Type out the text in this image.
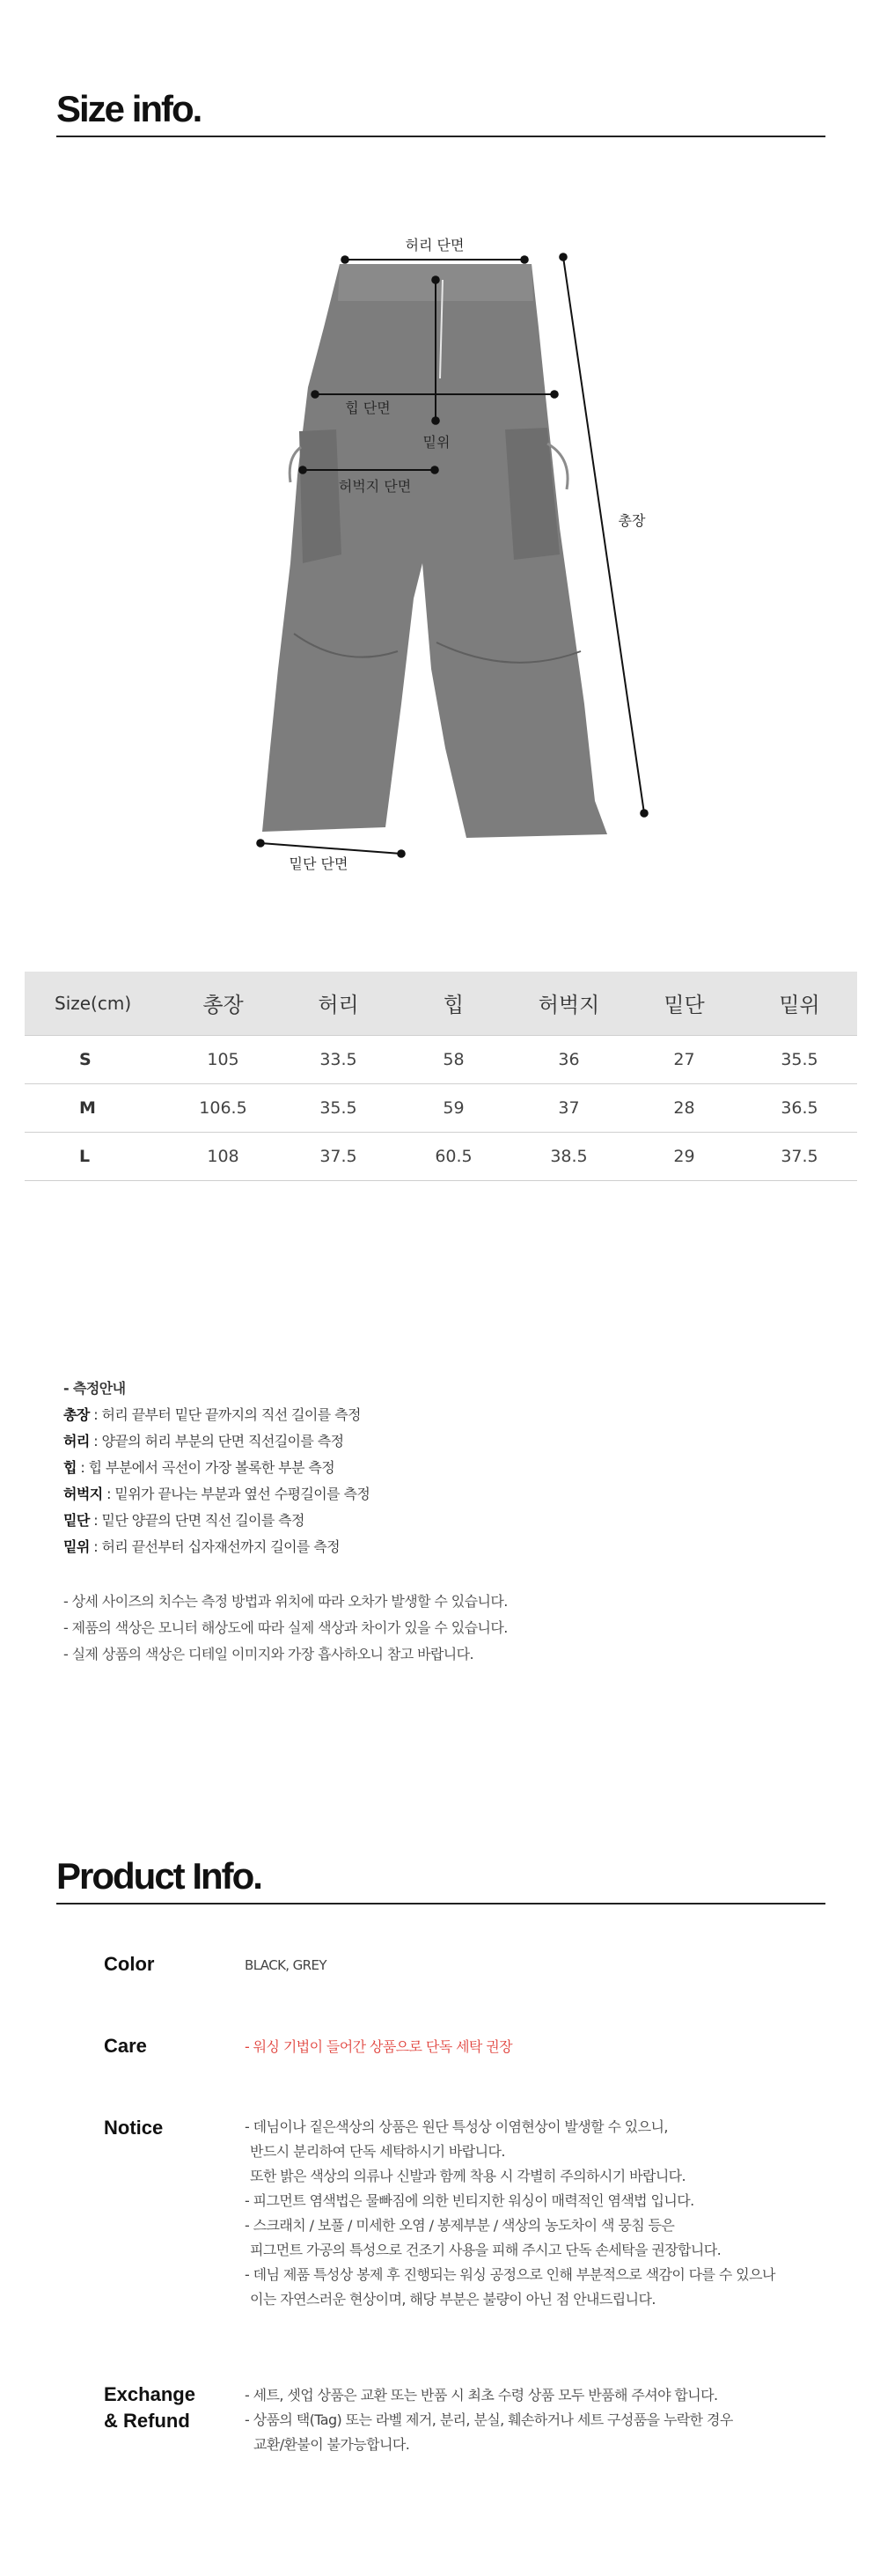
Size info.
허리 단면
힙 단면
밑위
허벅지 단면
총장
밑단 단면
Size(cm)	총장	허리	힙	허벅지	밑단	밑위
S	105	33.5	58	36	27	35.5
M	106.5	35.5	59	37	28	36.5
L	108	37.5	60.5	38.5	29	37.5
- 측정안내
총장 : 허리 끝부터 밑단 끝까지의 직선 길이를 측정
허리 : 양끝의 허리 부분의 단면 직선길이를 측정
힙 : 힙 부분에서 곡선이 가장 볼록한 부분 측정
허벅지 : 밑위가 끝나는 부분과 옆선 수평길이를 측정
밑단 : 밑단 양끝의 단면 직선 길이를 측정
밑위 : 허리 끝선부터 십자재선까지 길이를 측정
- 상세 사이즈의 치수는 측정 방법과 위치에 따라 오차가 발생할 수 있습니다.
- 제품의 색상은 모니터 해상도에 따라 실제 색상과 차이가 있을 수 있습니다.
- 실제 상품의 색상은 디테일 이미지와 가장 흡사하오니 참고 바랍니다.
Product Info.
Color	BLACK, GREY
Care	- 워싱 기법이 들어간 상품으로 단독 세탁 권장
Notice	- 데님이나 짙은색상의 상품은 원단 특성상 이염현상이 발생할 수 있으니,
반드시 분리하여 단독 세탁하시기 바랍니다.
또한 밝은 색상의 의류나 신발과 함께 착용 시 각별히 주의하시기 바랍니다.
- 피그먼트 염색법은 물빠짐에 의한 빈티지한 워싱이 매력적인 염색법 입니다.
- 스크래치 / 보풀 / 미세한 오염 / 봉제부분 / 색상의 농도차이 색 뭉침 등은
피그먼트 가공의 특성으로 건조기 사용을 피해 주시고 단독 손세탁을 권장합니다.
- 데님 제품 특성상 봉제 후 진행되는 워싱 공정으로 인해 부분적으로 색감이 다를 수 있으나
이는 자연스러운 현상이며, 해당 부분은 불량이 아닌 점 안내드립니다.
Exchange
& Refund
- 세트, 셋업 상품은 교환 또는 반품 시 최초 수령 상품 모두 반품해 주셔야 합니다.
- 상품의 택(Tag) 또는 라벨 제거, 분리, 분실, 훼손하거나 세트 구성품을 누락한 경우
교환/환불이 불가능합니다.
